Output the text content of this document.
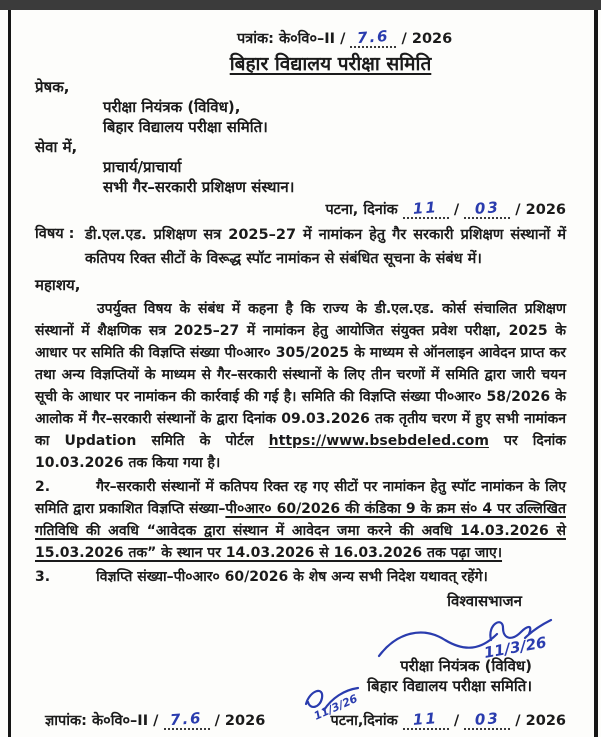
पत्रांक: के०वि०–II / 7.6 / 2026
बिहार विद्यालय परीक्षा समिति
प्रेषक,
परीक्षा नियंत्रक (विविध),
बिहार विद्यालय परीक्षा समिति।
सेवा में,
प्राचार्य/प्राचार्या
सभी गैर–सरकारी प्रशिक्षण संस्थान।
पटना, दिनांक 11 / 03 / 2026
विषय : डी.एल.एड. प्रशिक्षण सत्र 2025–27 में नामांकन हेतु गैर सरकारी प्रशिक्षण संस्थानों में कतिपय रिक्त सीटों के विरूद्ध स्पॉट नामांकन से संबंधित सूचना के संबंध में।
महाशय,

उपर्युक्त विषय के संबंध में कहना है कि राज्य के डी.एल.एड. कोर्स संचालित प्रशिक्षण संस्थानों में शैक्षणिक सत्र 2025–27 में नामांकन हेतु आयोजित संयुक्त प्रवेश परीक्षा, 2025 के आधार पर समिति की विज्ञप्ति संख्या पी०आर० 305/2025 के माध्यम से ऑनलाइन आवेदन प्राप्त कर तथा अन्य विज्ञप्तियों के माध्यम से गैर–सरकारी संस्थानों के लिए तीन चरणों में समिति द्वारा जारी चयन सूची के आधार पर नामांकन की कार्रवाई की गई है। समिति की विज्ञप्ति संख्या पी०आर० 58/2026 के आलोक में गैर–सरकारी संस्थानों के द्वारा दिनांक 09.03.2026 तक तृतीय चरण में हुए सभी नामांकन का Updation समिति के पोर्टल https://www.bsebdeled.com पर दिनांक 10.03.2026 तक किया गया है।

2.	गैर–सरकारी संस्थानों में कतिपय रिक्त रह गए सीटों पर नामांकन हेतु स्पॉट नामांकन के लिए समिति द्वारा प्रकाशित विज्ञप्ति संख्या–पी०आर० 60/2026 की कंडिका 9 के क्रम सं० 4 पर उल्लिखित गतिविधि की अवधि “आवेदक द्वारा संस्थान में आवेदन जमा करने की अवधि 14.03.2026 से 15.03.2026 तक” के स्थान पर 14.03.2026 से 16.03.2026 तक पढ़ा जाए।

3.	विज्ञप्ति संख्या–पी०आर० 60/2026 के शेष अन्य सभी निदेश यथावत् रहेंगे।

विश्वासभाजन
11/3/26
परीक्षा नियंत्रक (विविध)
बिहार विद्यालय परीक्षा समिति।
11/3/26
ज्ञापांक: के०वि०–II / 7.6 / 2026	पटना,दिनांक 11 / 03 / 2026
